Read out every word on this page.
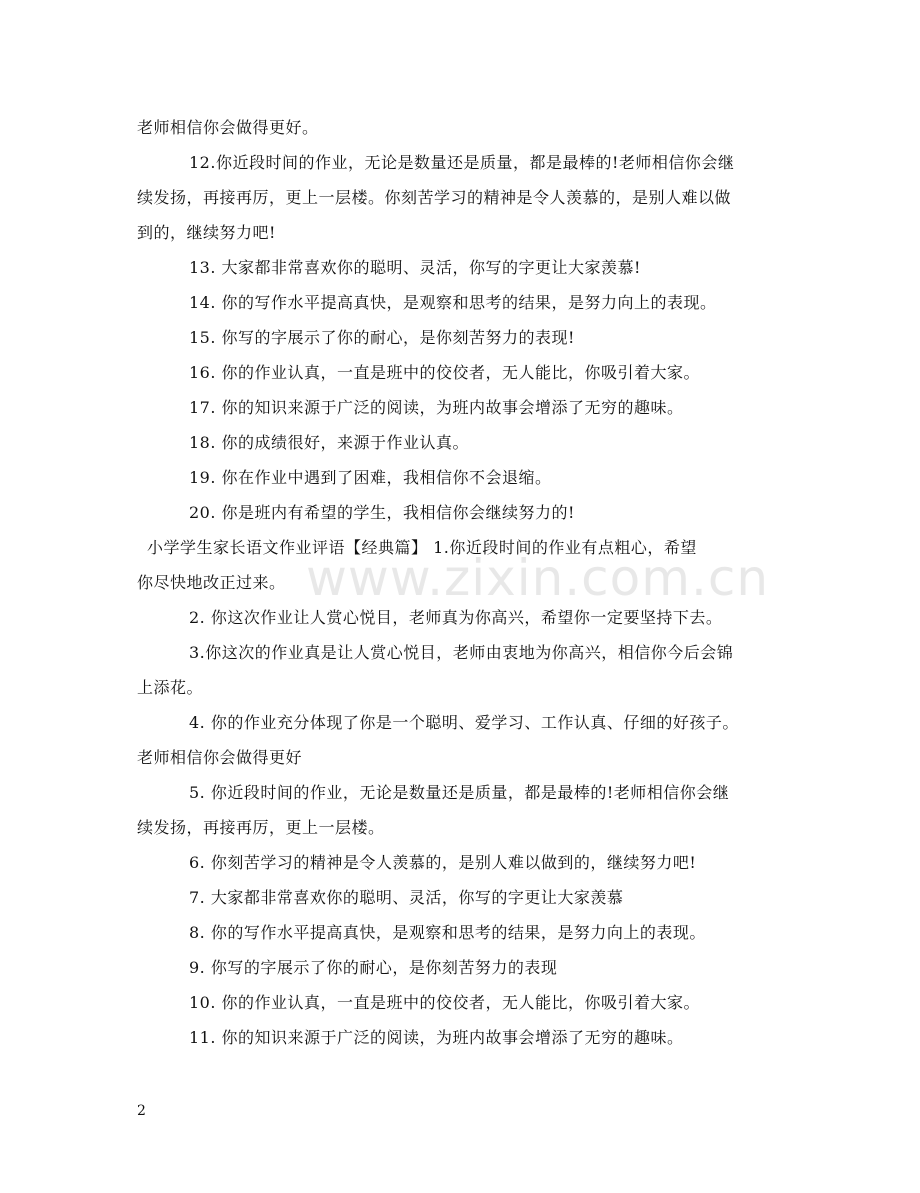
老师相信你会做得更好。
12.你近段时间的作业，无论是数量还是质量，都是最棒的!老师相信你会继
续发扬，再接再厉，更上一层楼。你刻苦学习的精神是令人羡慕的，是别人难以做
到的，继续努力吧!
13. 大家都非常喜欢你的聪明、灵活，你写的字更让大家羡慕!
14. 你的写作水平提高真快，是观察和思考的结果，是努力向上的表现。
15. 你写的字展示了你的耐心，是你刻苦努力的表现!
16. 你的作业认真，一直是班中的佼佼者，无人能比，你吸引着大家。
17. 你的知识来源于广泛的阅读，为班内故事会增添了无穷的趣味。
18. 你的成绩很好，来源于作业认真。
19. 你在作业中遇到了困难，我相信你不会退缩。
20. 你是班内有希望的学生，我相信你会继续努力的!
小学学生家长语文作业评语【经典篇】 1.你近段时间的作业有点粗心，希望
你尽快地改正过来。
2. 你这次作业让人赏心悦目，老师真为你高兴，希望你一定要坚持下去。
3.你这次的作业真是让人赏心悦目，老师由衷地为你高兴，相信你今后会锦
上添花。
4. 你的作业充分体现了你是一个聪明、爱学习、工作认真、仔细的好孩子。
老师相信你会做得更好
5. 你近段时间的作业，无论是数量还是质量，都是最棒的!老师相信你会继
续发扬，再接再厉，更上一层楼。
6. 你刻苦学习的精神是令人羡慕的，是别人难以做到的，继续努力吧!
7. 大家都非常喜欢你的聪明、灵活，你写的字更让大家羡慕
8. 你的写作水平提高真快，是观察和思考的结果，是努力向上的表现。
9. 你写的字展示了你的耐心，是你刻苦努力的表现
10. 你的作业认真，一直是班中的佼佼者，无人能比，你吸引着大家。
11. 你的知识来源于广泛的阅读，为班内故事会增添了无穷的趣味。
www.zixin.com.cn
2
